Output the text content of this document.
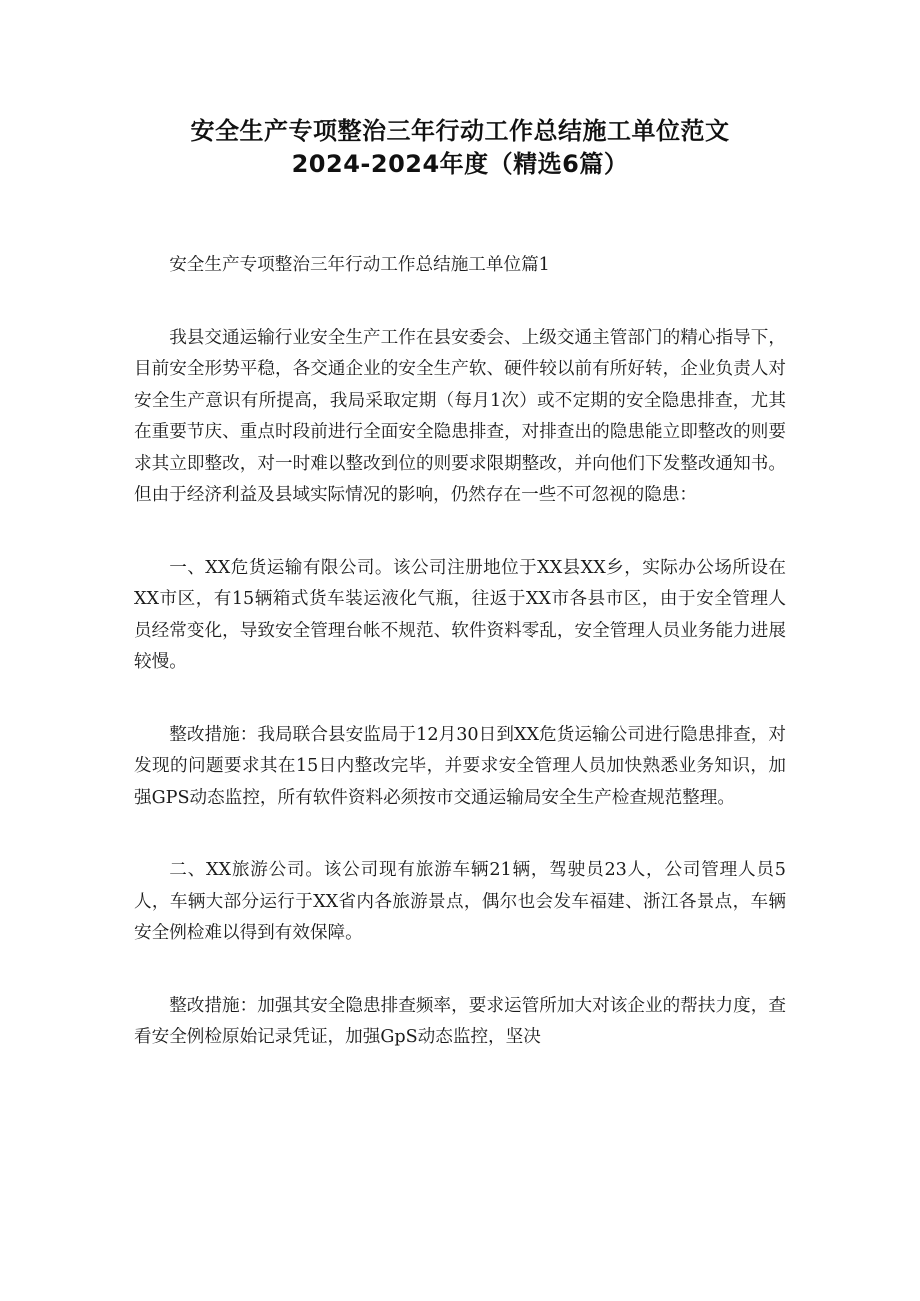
安全生产专项整治三年行动工作总结施工单位范文
2024-2024年度（精选6篇）

安全生产专项整治三年行动工作总结施工单位篇1

我县交通运输行业安全生产工作在县安委会、上级交通主管部门的精心指导下，目前安全形势平稳，各交通企业的安全生产软、硬件较以前有所好转，企业负责人对安全生产意识有所提高，我局采取定期（每月1次）或不定期的安全隐患排查，尤其在重要节庆、重点时段前进行全面安全隐患排查，对排查出的隐患能立即整改的则要求其立即整改，对一时难以整改到位的则要求限期整改，并向他们下发整改通知书。但由于经济利益及县域实际情况的影响，仍然存在一些不可忽视的隐患：

一、XX危货运输有限公司。该公司注册地位于XX县XX乡，实际办公场所设在XX市区，有15辆箱式货车装运液化气瓶，往返于XX市各县市区，由于安全管理人员经常变化，导致安全管理台帐不规范、软件资料零乱，安全管理人员业务能力进展较慢。

整改措施：我局联合县安监局于12月30日到XX危货运输公司进行隐患排查，对发现的问题要求其在15日内整改完毕，并要求安全管理人员加快熟悉业务知识，加强GPS动态监控，所有软件资料必须按市交通运输局安全生产检查规范整理。

二、XX旅游公司。该公司现有旅游车辆21辆，驾驶员23人，公司管理人员5人，车辆大部分运行于XX省内各旅游景点，偶尔也会发车福建、浙江各景点，车辆安全例检难以得到有效保障。

整改措施：加强其安全隐患排查频率，要求运管所加大对该企业的帮扶力度，查看安全例检原始记录凭证，加强GpS动态监控，坚决
